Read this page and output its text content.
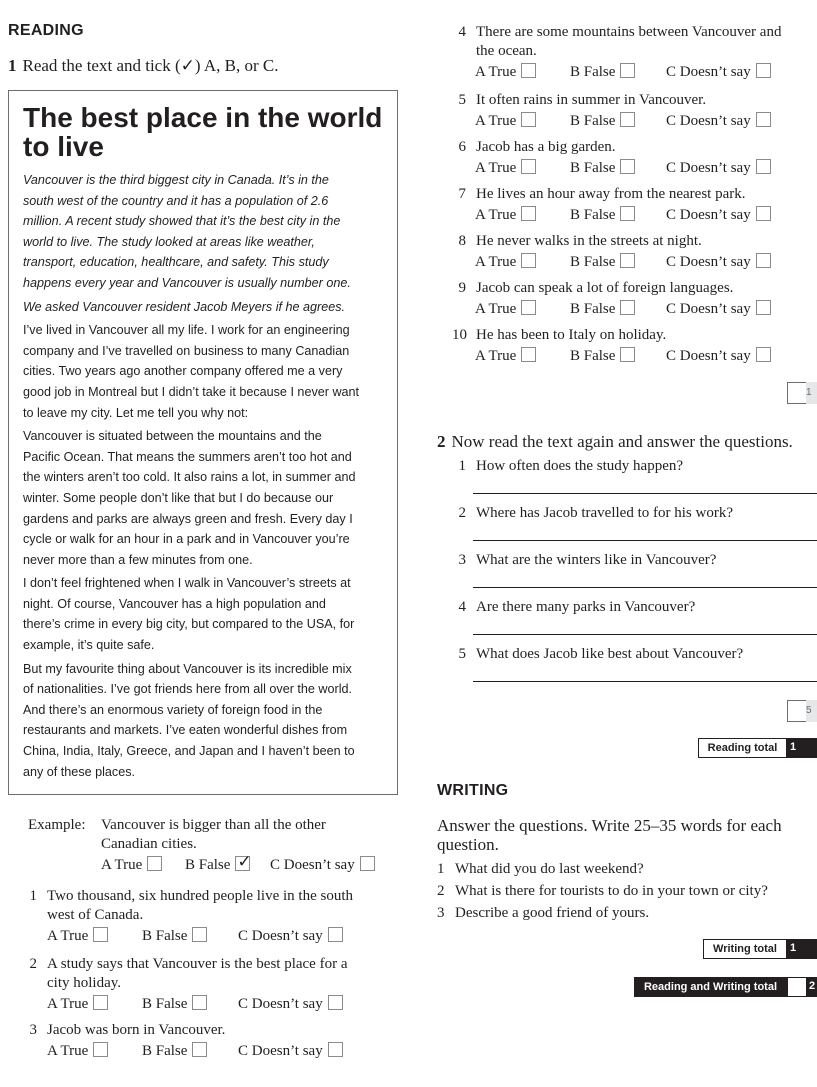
READING
1 Read the text and tick (✓) A, B, or C.
The best place in the world
to live
Vancouver is the third biggest city in Canada. It’s in the
south west of the country and it has a population of 2.6
million. A recent study showed that it’s the best city in the
world to live. The study looked at areas like weather,
transport, education, healthcare, and safety. This study
happens every year and Vancouver is usually number one.
We asked Vancouver resident Jacob Meyers if he agrees.
I’ve lived in Vancouver all my life. I work for an engineering
company and I’ve travelled on business to many Canadian
cities. Two years ago another company offered me a very
good job in Montreal but I didn’t take it because I never want
to leave my city. Let me tell you why not:
Vancouver is situated between the mountains and the
Pacific Ocean. That means the summers aren’t too hot and
the winters aren’t too cold. It also rains a lot, in summer and
winter. Some people don’t like that but I do because our
gardens and parks are always green and fresh. Every day I
cycle or walk for an hour in a park and in Vancouver you’re
never more than a few minutes from one.
I don’t feel frightened when I walk in Vancouver’s streets at
night. Of course, Vancouver has a high population and
there’s crime in every big city, but compared to the USA, for
example, it’s quite safe.
But my favourite thing about Vancouver is its incredible mix
of nationalities. I’ve got friends here from all over the world.
And there’s an enormous variety of foreign food in the
restaurants and markets. I’ve eaten wonderful dishes from
China, India, Italy, Greece, and Japan and I haven’t been to
any of these places.
Example: Vancouver is bigger than all the other
Canadian cities.
A True	B False ✓ C Doesn’t say
1 Two thousand, six hundred people live in the south
west of Canada.
A True	B False	C Doesn’t say
2 A study says that Vancouver is the best place for a
city holiday.
A True	B False	C Doesn’t say
3 Jacob was born in Vancouver.
A True	B False	C Doesn’t say
4 There are some mountains between Vancouver and
the ocean.
A True	B False	C Doesn’t say
5 It often rains in summer in Vancouver.
A True	B False	C Doesn’t say
6 Jacob has a big garden.
A True	B False	C Doesn’t say
7 He lives an hour away from the nearest park.
A True	B False	C Doesn’t say
8 He never walks in the streets at night.
A True	B False	C Doesn’t say
9 Jacob can speak a lot of foreign languages.
A True	B False	C Doesn’t say
10 He has been to Italy on holiday.
A True	B False	C Doesn’t say
1
2 Now read the text again and answer the questions.
1 How often does the study happen?
2 Where has Jacob travelled to for his work?
3 What are the winters like in Vancouver?
4 Are there many parks in Vancouver?
5 What does Jacob like best about Vancouver?
5
Reading total	1
WRITING
Answer the questions. Write 25–35 words for each
question.
1 What did you do last weekend?
2 What is there for tourists to do in your town or city?
3 Describe a good friend of yours.
Writing total	1
Reading and Writing total	2
